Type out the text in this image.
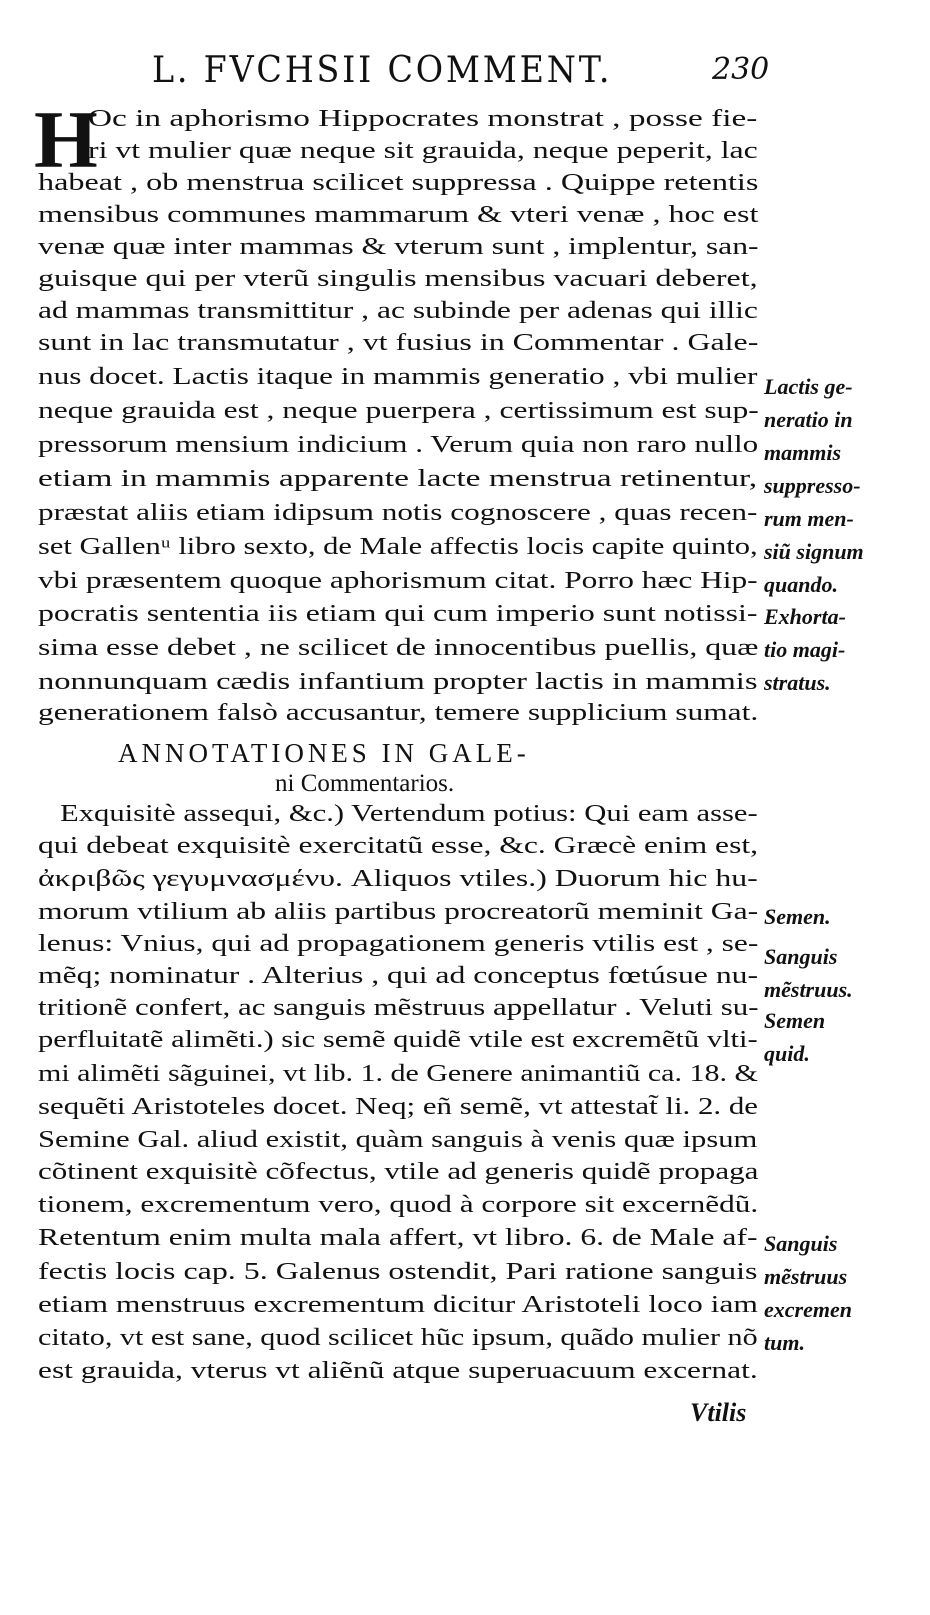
L. FVCHSII COMMENT.	230
H
Oc in aphorismo Hippocrates monstrat , posse fie-
ri vt mulier quæ neque sit grauida, neque peperit, lac
habeat , ob menstrua scilicet suppressa . Quippe retentis
mensibus communes mammarum & vteri venæ , hoc est
venæ quæ inter mammas & vterum sunt , implentur, san-
guisque qui per vterũ singulis mensibus vacuari deberet,
ad mammas transmittitur , ac subinde per adenas qui illic
sunt in lac transmutatur , vt fusius in Commentar . Gale-
nus docet. Lactis itaque in mammis generatio , vbi mulier
neque grauida est , neque puerpera , certissimum est sup-
pressorum mensium indicium . Verum quia non raro nullo
etiam in mammis apparente lacte menstrua retinentur,
præstat aliis etiam idipsum notis cognoscere , quas recen-
set Gallenᵘ libro sexto, de Male affectis locis capite quinto,
vbi præsentem quoque aphorismum citat. Porro hæc Hip-
pocratis sententia iis etiam qui cum imperio sunt notissi-
sima esse debet , ne scilicet de innocentibus puellis, quæ
nonnunquam cædis infantium propter lactis in mammis
generationem falsò accusantur, temere supplicium sumat.
ANNOTATIONES IN GALE-
ni Commentarios.
Exquisitè assequi, &c.) Vertendum potius: Qui eam asse-
qui debeat exquisitè exercitatũ esse, &c. Græcè enim est,
ἀκριβῶς γεγυμνασμένυ. Aliquos vtiles.) Duorum hic hu-
morum vtilium ab aliis partibus procreatorũ meminit Ga-
lenus: Vnius, qui ad propagationem generis vtilis est , se-
mẽq; nominatur . Alterius , qui ad conceptus fœtúsue nu-
tritionẽ confert, ac sanguis mẽstruus appellatur . Veluti su-
perfluitatẽ alimẽti.) sic semẽ quidẽ vtile est excremẽtũ vlti-
mi alimẽti sãguinei, vt lib. 1. de Genere animantiũ ca. 18. &
sequẽti Aristoteles docet. Neq; eñ semẽ, vt attestat̃ li. 2. de
Semine Gal. aliud existit, quàm sanguis à venis quæ ipsum
cõtinent exquisitè cõfectus, vtile ad generis quidẽ propaga
tionem, excrementum vero, quod à corpore sit excernẽdũ.
Retentum enim multa mala affert, vt libro. 6. de Male af-
fectis locis cap. 5. Galenus ostendit, Pari ratione sanguis
etiam menstruus excrementum dicitur Aristoteli loco iam
citato, vt est sane, quod scilicet hũc ipsum, quãdo mulier nõ
est grauida, vterus vt aliẽnũ atque superuacuum excernat.
Lactis ge-
neratio in
mammis
suppresso-
rum men-
siũ signum
quando.
Exhorta-
tio magi-
stratus.
Semen.
Sanguis
mẽstruus.
Semen
quid.
Sanguis
mẽstruus
excremen
tum.
Vtilis
